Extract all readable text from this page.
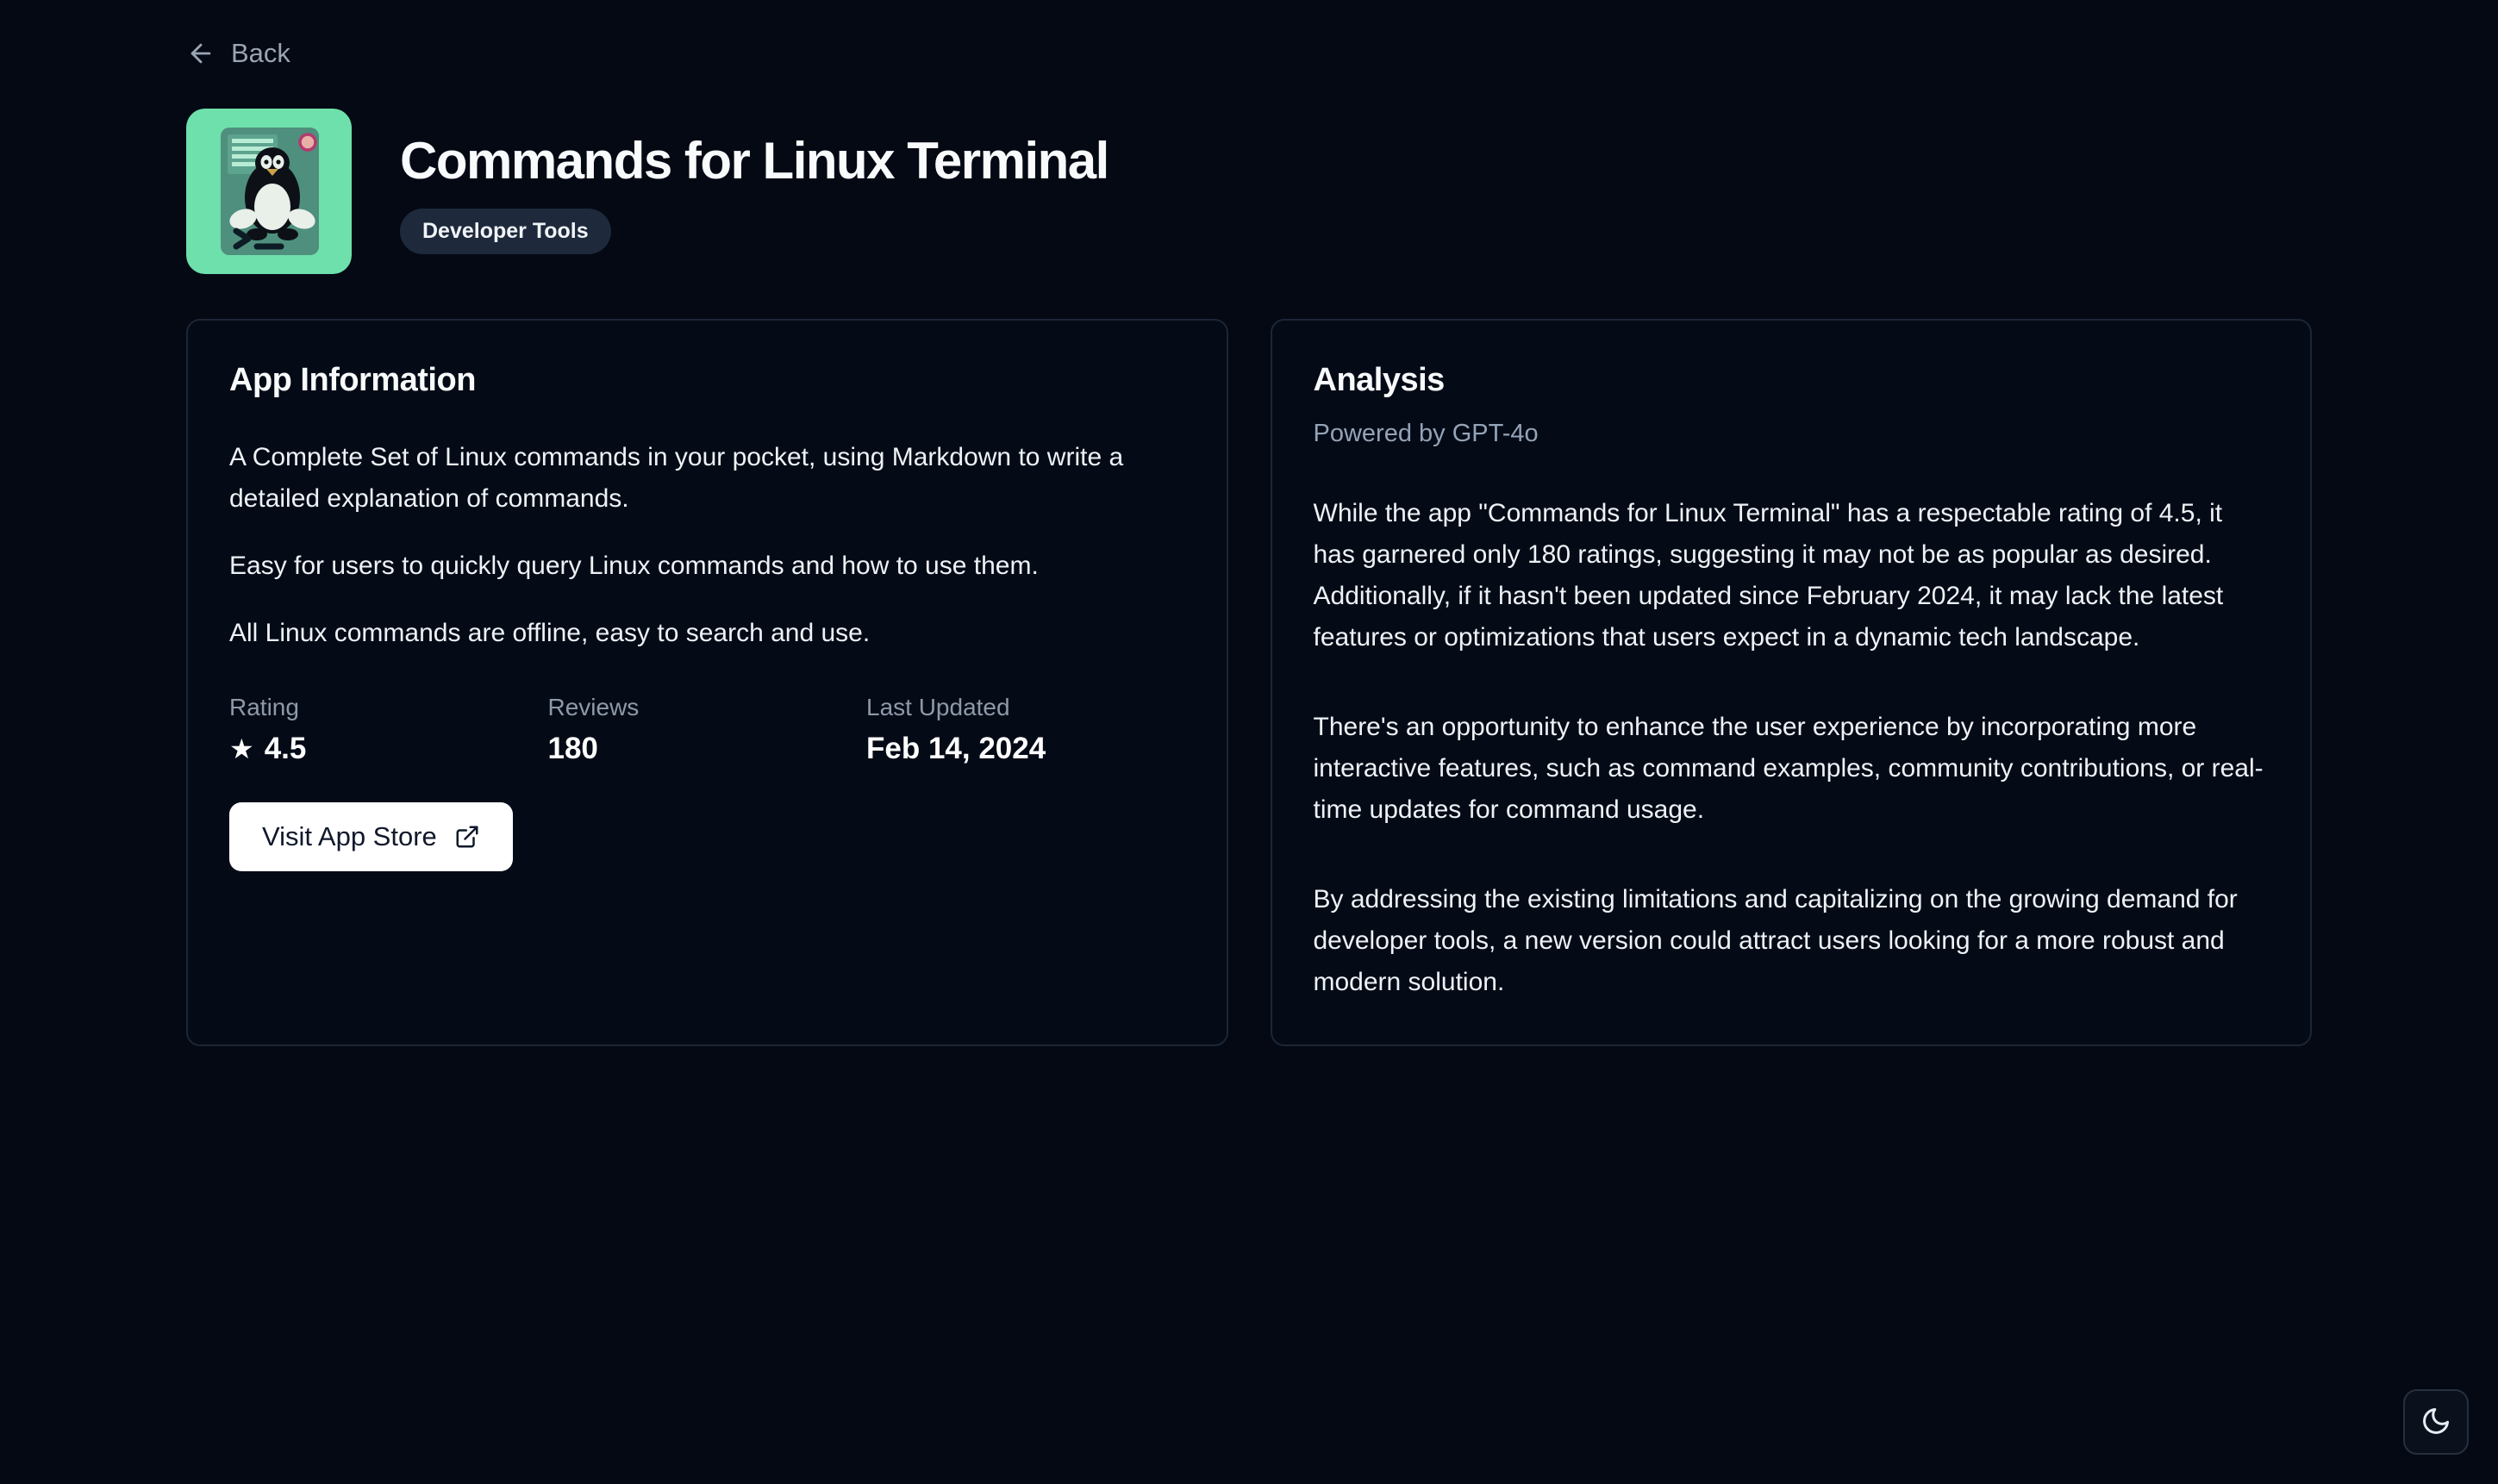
Back
Commands for Linux Terminal
Developer Tools
App Information

A Complete Set of Linux commands in your pocket, using Markdown to write a detailed explanation of commands.

Easy for users to quickly query Linux commands and how to use them.

All Linux commands are offline, easy to search and use.

Rating
★ 4.5
Reviews
180
Last Updated
Feb 14, 2024
Visit App Store
Analysis
Powered by GPT-4o

While the app "Commands for Linux Terminal" has a respectable rating of 4.5, it has garnered only 180 ratings, suggesting it may not be as popular as desired. Additionally, if it hasn't been updated since February 2024, it may lack the latest features or optimizations that users expect in a dynamic tech landscape.

There's an opportunity to enhance the user experience by incorporating more interactive features, such as command examples, community contributions, or real-time updates for command usage.

By addressing the existing limitations and capitalizing on the growing demand for developer tools, a new version could attract users looking for a more robust and modern solution.
